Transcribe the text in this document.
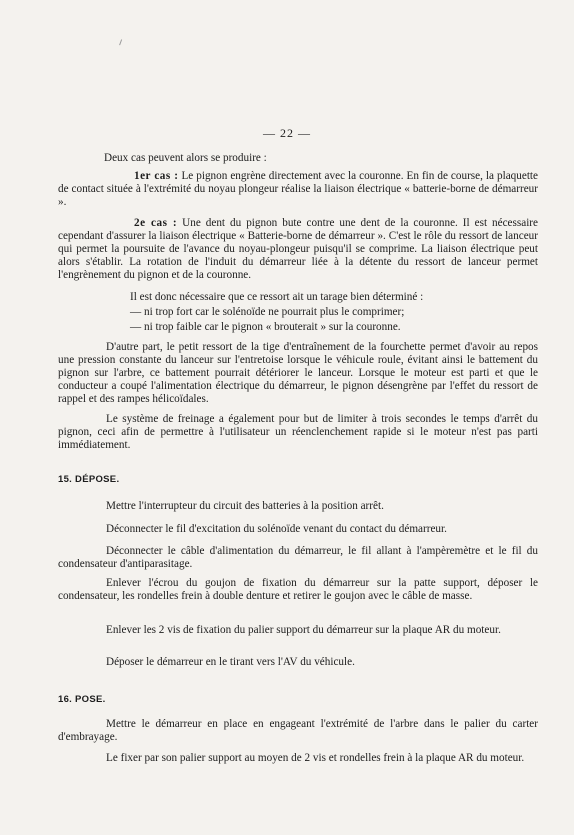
— 22 —

Deux cas peuvent alors se produire :

1er cas : Le pignon engrène directement avec la couronne. En fin de course, la plaquette de contact située à l'extrémité du noyau plongeur réalise la liaison électrique « batterie-borne de démarreur ».

2e cas : Une dent du pignon bute contre une dent de la couronne. Il est nécessaire cependant d'assurer la liaison électrique « Batterie-borne de démarreur ». C'est le rôle du ressort de lanceur qui permet la poursuite de l'avance du noyau-plongeur puisqu'il se comprime. La liaison électrique peut alors s'établir. La rotation de l'induit du démarreur liée à la détente du ressort de lanceur permet l'engrènement du pignon et de la couronne.

Il est donc nécessaire que ce ressort ait un tarage bien déterminé :

— ni trop fort car le solénoïde ne pourrait plus le comprimer;

— ni trop faible car le pignon « brouterait » sur la couronne.

D'autre part, le petit ressort de la tige d'entraînement de la fourchette permet d'avoir au repos une pression constante du lanceur sur l'entretoise lorsque le véhicule roule, évitant ainsi le battement du pignon sur l'arbre, ce battement pourrait détériorer le lanceur. Lorsque le moteur est parti et que le conducteur a coupé l'alimentation électrique du démarreur, le pignon désengrène par l'effet du ressort de rappel et des rampes hélicoïdales.

Le système de freinage a également pour but de limiter à trois secondes le temps d'arrêt du pignon, ceci afin de permettre à l'utilisateur un réenclenchement rapide si le moteur n'est pas parti immédiatement.

15. DÉPOSE.

Mettre l'interrupteur du circuit des batteries à la position arrêt.

Déconnecter le fil d'excitation du solénoïde venant du contact du démarreur.

Déconnecter le câble d'alimentation du démarreur, le fil allant à l'ampèremètre et le fil du condensateur d'antiparasitage.

Enlever l'écrou du goujon de fixation du démarreur sur la patte support, déposer le condensateur, les rondelles frein à double denture et retirer le goujon avec le câble de masse.

Enlever les 2 vis de fixation du palier support du démarreur sur la plaque AR du moteur.

Déposer le démarreur en le tirant vers l'AV du véhicule.

16. POSE.

Mettre le démarreur en place en engageant l'extrémité de l'arbre dans le palier du carter d'embrayage.

Le fixer par son palier support au moyen de 2 vis et rondelles frein à la plaque AR du moteur.
